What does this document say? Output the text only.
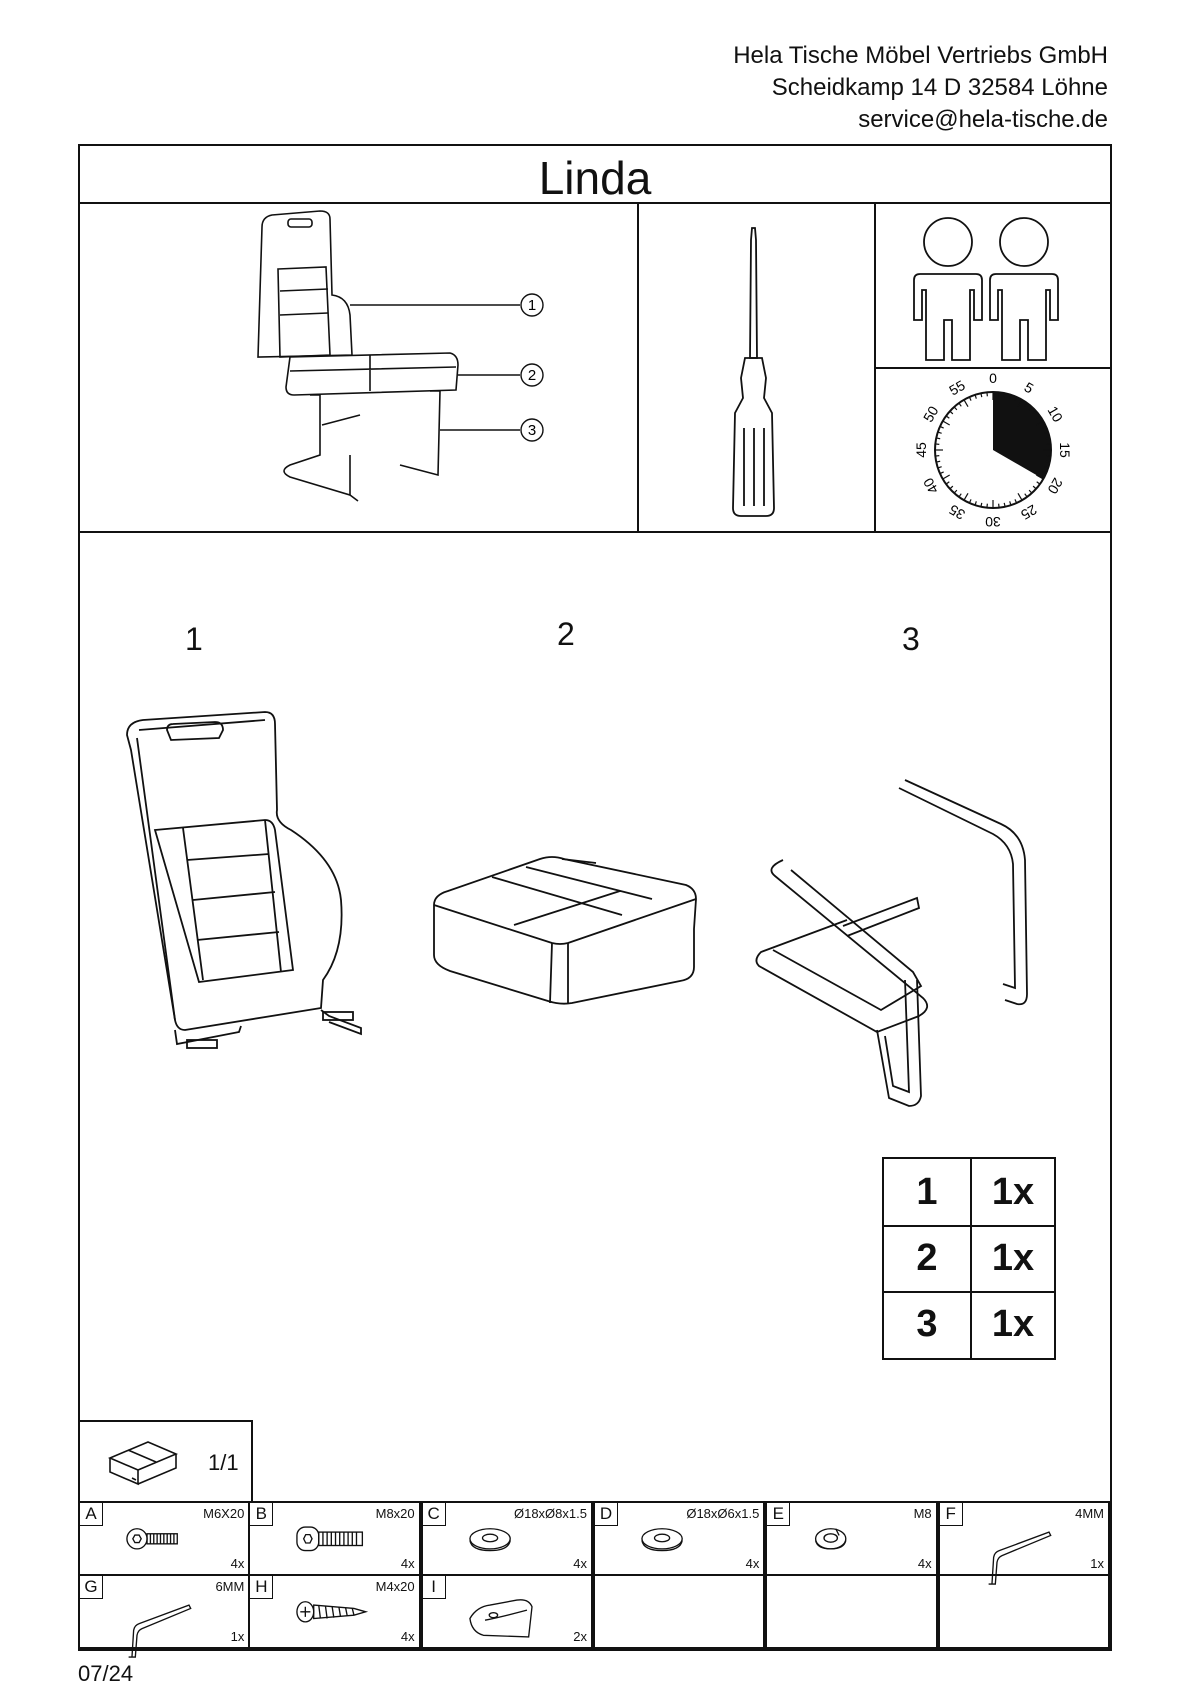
Hela Tische Möbel Vertriebs GmbH
Scheidkamp 14 D 32584 Löhne
service@hela-tische.de
Linda
1
2
3
0
5
10
15
20
25
30
35
40
45
50
55
1	2	3
1	1x
2	1x
3	1x
1/1
A	M6X20
4x
B	M8x20
4x
C	Ø18xØ8x1.5
4x
D	Ø18xØ6x1.5
4x
E	M8
4x
F	4MM
1x
G	6MM
1x
H	M4x20
4x
I
2x
07/24
